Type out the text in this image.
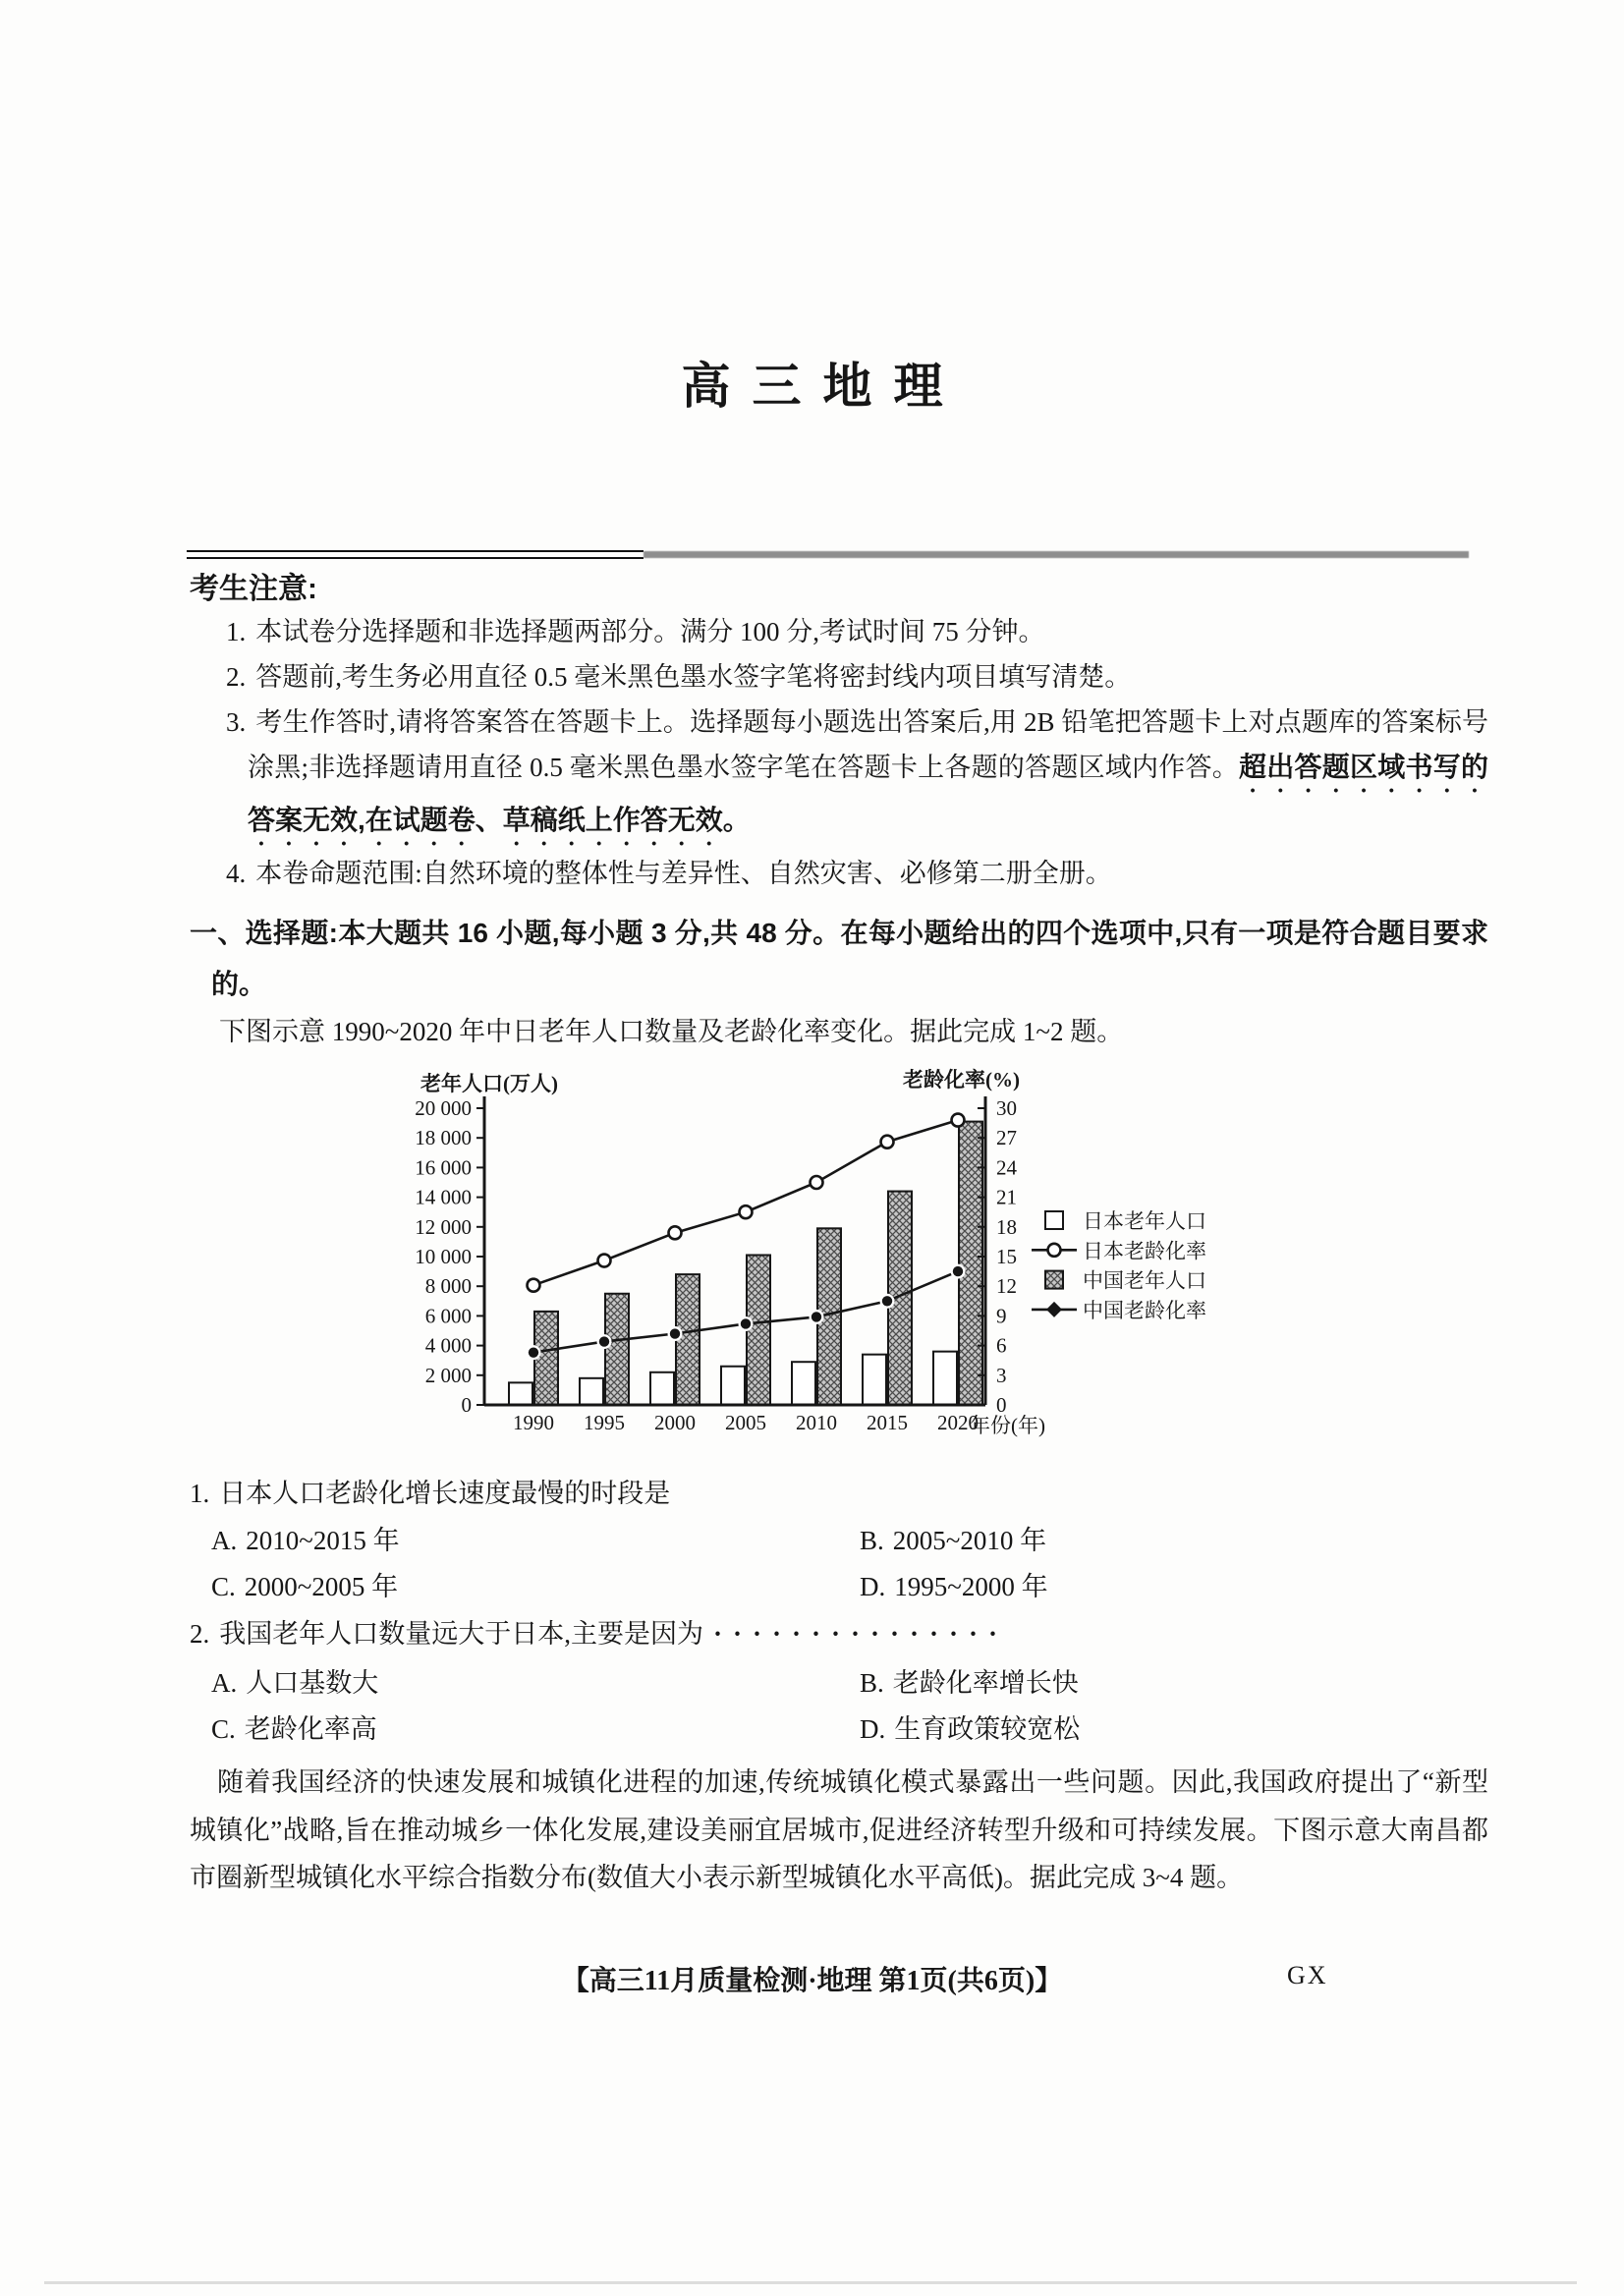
高三地理
考生注意:
1. 本试卷分选择题和非选择题两部分。满分 100 分,考试时间 75 分钟。
2. 答题前,考生务必用直径 0.5 毫米黑色墨水签字笔将密封线内项目填写清楚。
3. 考生作答时,请将答案答在答题卡上。选择题每小题选出答案后,用 2B 铅笔把答题卡上对点题库的答案标号涂黑;非选择题请用直径 0.5 毫米黑色墨水签字笔在答题卡上各题的答题区域内作答。超出答题区域书写的答案无效,在试题卷、草稿纸上作答无效。
4. 本卷命题范围:自然环境的整体性与差异性、自然灾害、必修第二册全册。
一、选择题:本大题共 16 小题,每小题 3 分,共 48 分。在每小题给出的四个选项中,只有一项是符合题目要求的。
下图示意 1990~2020 年中日老年人口数量及老龄化率变化。据此完成 1~2 题。
老年人口(万人)	老龄化率(%)
20 000
18 000
16 000
14 000
12 000
10 000
8 000
6 000
4 000
2 000
0
30
27
24
21
18
15
12
9
6
3
0
1990 1995 2000 2005 2010 2015 2020
年份(年)
日本老年人口
日本老龄化率
中国老年人口
中国老龄化率
1. 日本人口老龄化增长速度最慢的时段是
A. 2010~2015 年	B. 2005~2010 年
C. 2000~2005 年	D. 1995~2000 年
2. 我国老年人口数量远大于日本,主要是因为 ···············
A. 人口基数大	B. 老龄化率增长快
C. 老龄化率高	D. 生育政策较宽松
随着我国经济的快速发展和城镇化进程的加速,传统城镇化模式暴露出一些问题。因此,我国政府提出了“新型城镇化”战略,旨在推动城乡一体化发展,建设美丽宜居城市,促进经济转型升级和可持续发展。下图示意大南昌都市圈新型城镇化水平综合指数分布(数值大小表示新型城镇化水平高低)。据此完成 3~4 题。
【高三11月质量检测·地理 第1页(共6页)】	GX
